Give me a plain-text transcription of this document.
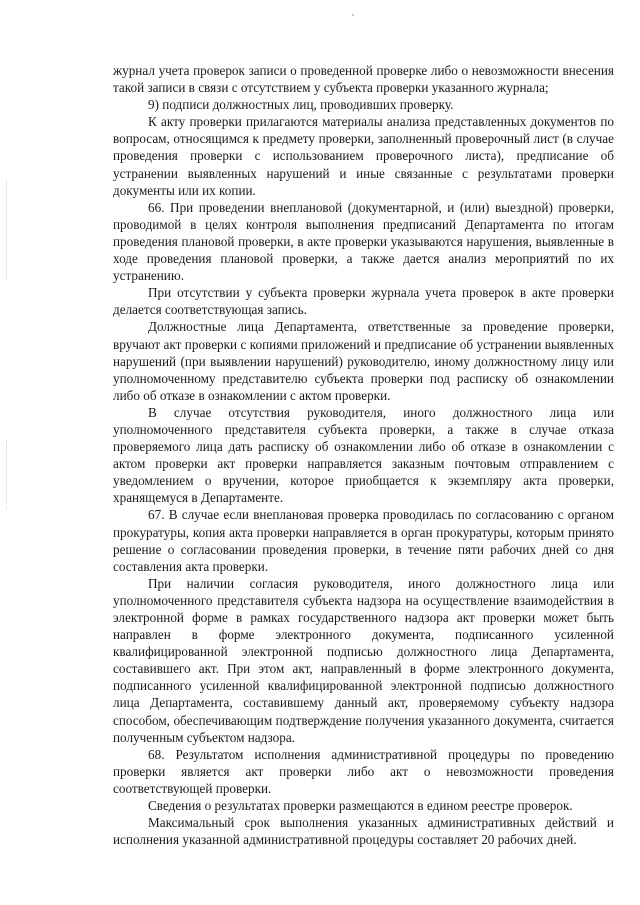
журнал учета проверок записи о проведенной проверке либо о невозможности внесения такой записи в связи с отсутствием у субъекта проверки указанного журнала;

9) подписи должностных лиц, проводивших проверку.

К акту проверки прилагаются материалы анализа представленных документов по вопросам, относящимся к предмету проверки, заполненный проверочный лист (в случае проведения проверки с использованием проверочного листа), предписание об устранении выявленных нарушений и иные связанные с результатами проверки документы или их копии.

66. При проведении внеплановой (документарной, и (или) выездной) проверки, проводимой в целях контроля выполнения предписаний Департамента по итогам проведения плановой проверки, в акте проверки указываются нарушения, выявленные в ходе проведения плановой проверки, а также дается анализ мероприятий по их устранению.

При отсутствии у субъекта проверки журнала учета проверок в акте проверки делается соответствующая запись.

Должностные лица Департамента, ответственные за проведение проверки, вручают акт проверки с копиями приложений и предписание об устранении выявленных нарушений (при выявлении нарушений) руководителю, иному должностному лицу или уполномоченному представителю субъекта проверки под расписку об ознакомлении либо об отказе в ознакомлении с актом проверки.

В случае отсутствия руководителя, иного должностного лица или уполномоченного представителя субъекта проверки, а также в случае отказа проверяемого лица дать расписку об ознакомлении либо об отказе в ознакомлении с актом проверки акт проверки направляется заказным почтовым отправлением с уведомлением о вручении, которое приобщается к экземпляру акта проверки, хранящемуся в Департаменте.

67. В случае если внеплановая проверка проводилась по согласованию с органом прокуратуры, копия акта проверки направляется в орган прокуратуры, которым принято решение о согласовании проведения проверки, в течение пяти рабочих дней со дня составления акта проверки.

При наличии согласия руководителя, иного должностного лица или уполномоченного представителя субъекта надзора на осуществление взаимодействия в электронной форме в рамках государственного надзора акт проверки может быть направлен в форме электронного документа, подписанного усиленной квалифицированной электронной подписью должностного лица Департамента, составившего акт. При этом акт, направленный в форме электронного документа, подписанного усиленной квалифицированной электронной подписью должностного лица Департамента, составившему данный акт, проверяемому субъекту надзора способом, обеспечивающим подтверждение получения указанного документа, считается полученным субъектом надзора.

68. Результатом исполнения административной процедуры по проведению проверки является акт проверки либо акт о невозможности проведения соответствующей проверки.

Сведения о результатах проверки размещаются в едином реестре проверок.

Максимальный срок выполнения указанных административных действий и исполнения указанной административной процедуры составляет 20 рабочих дней.
